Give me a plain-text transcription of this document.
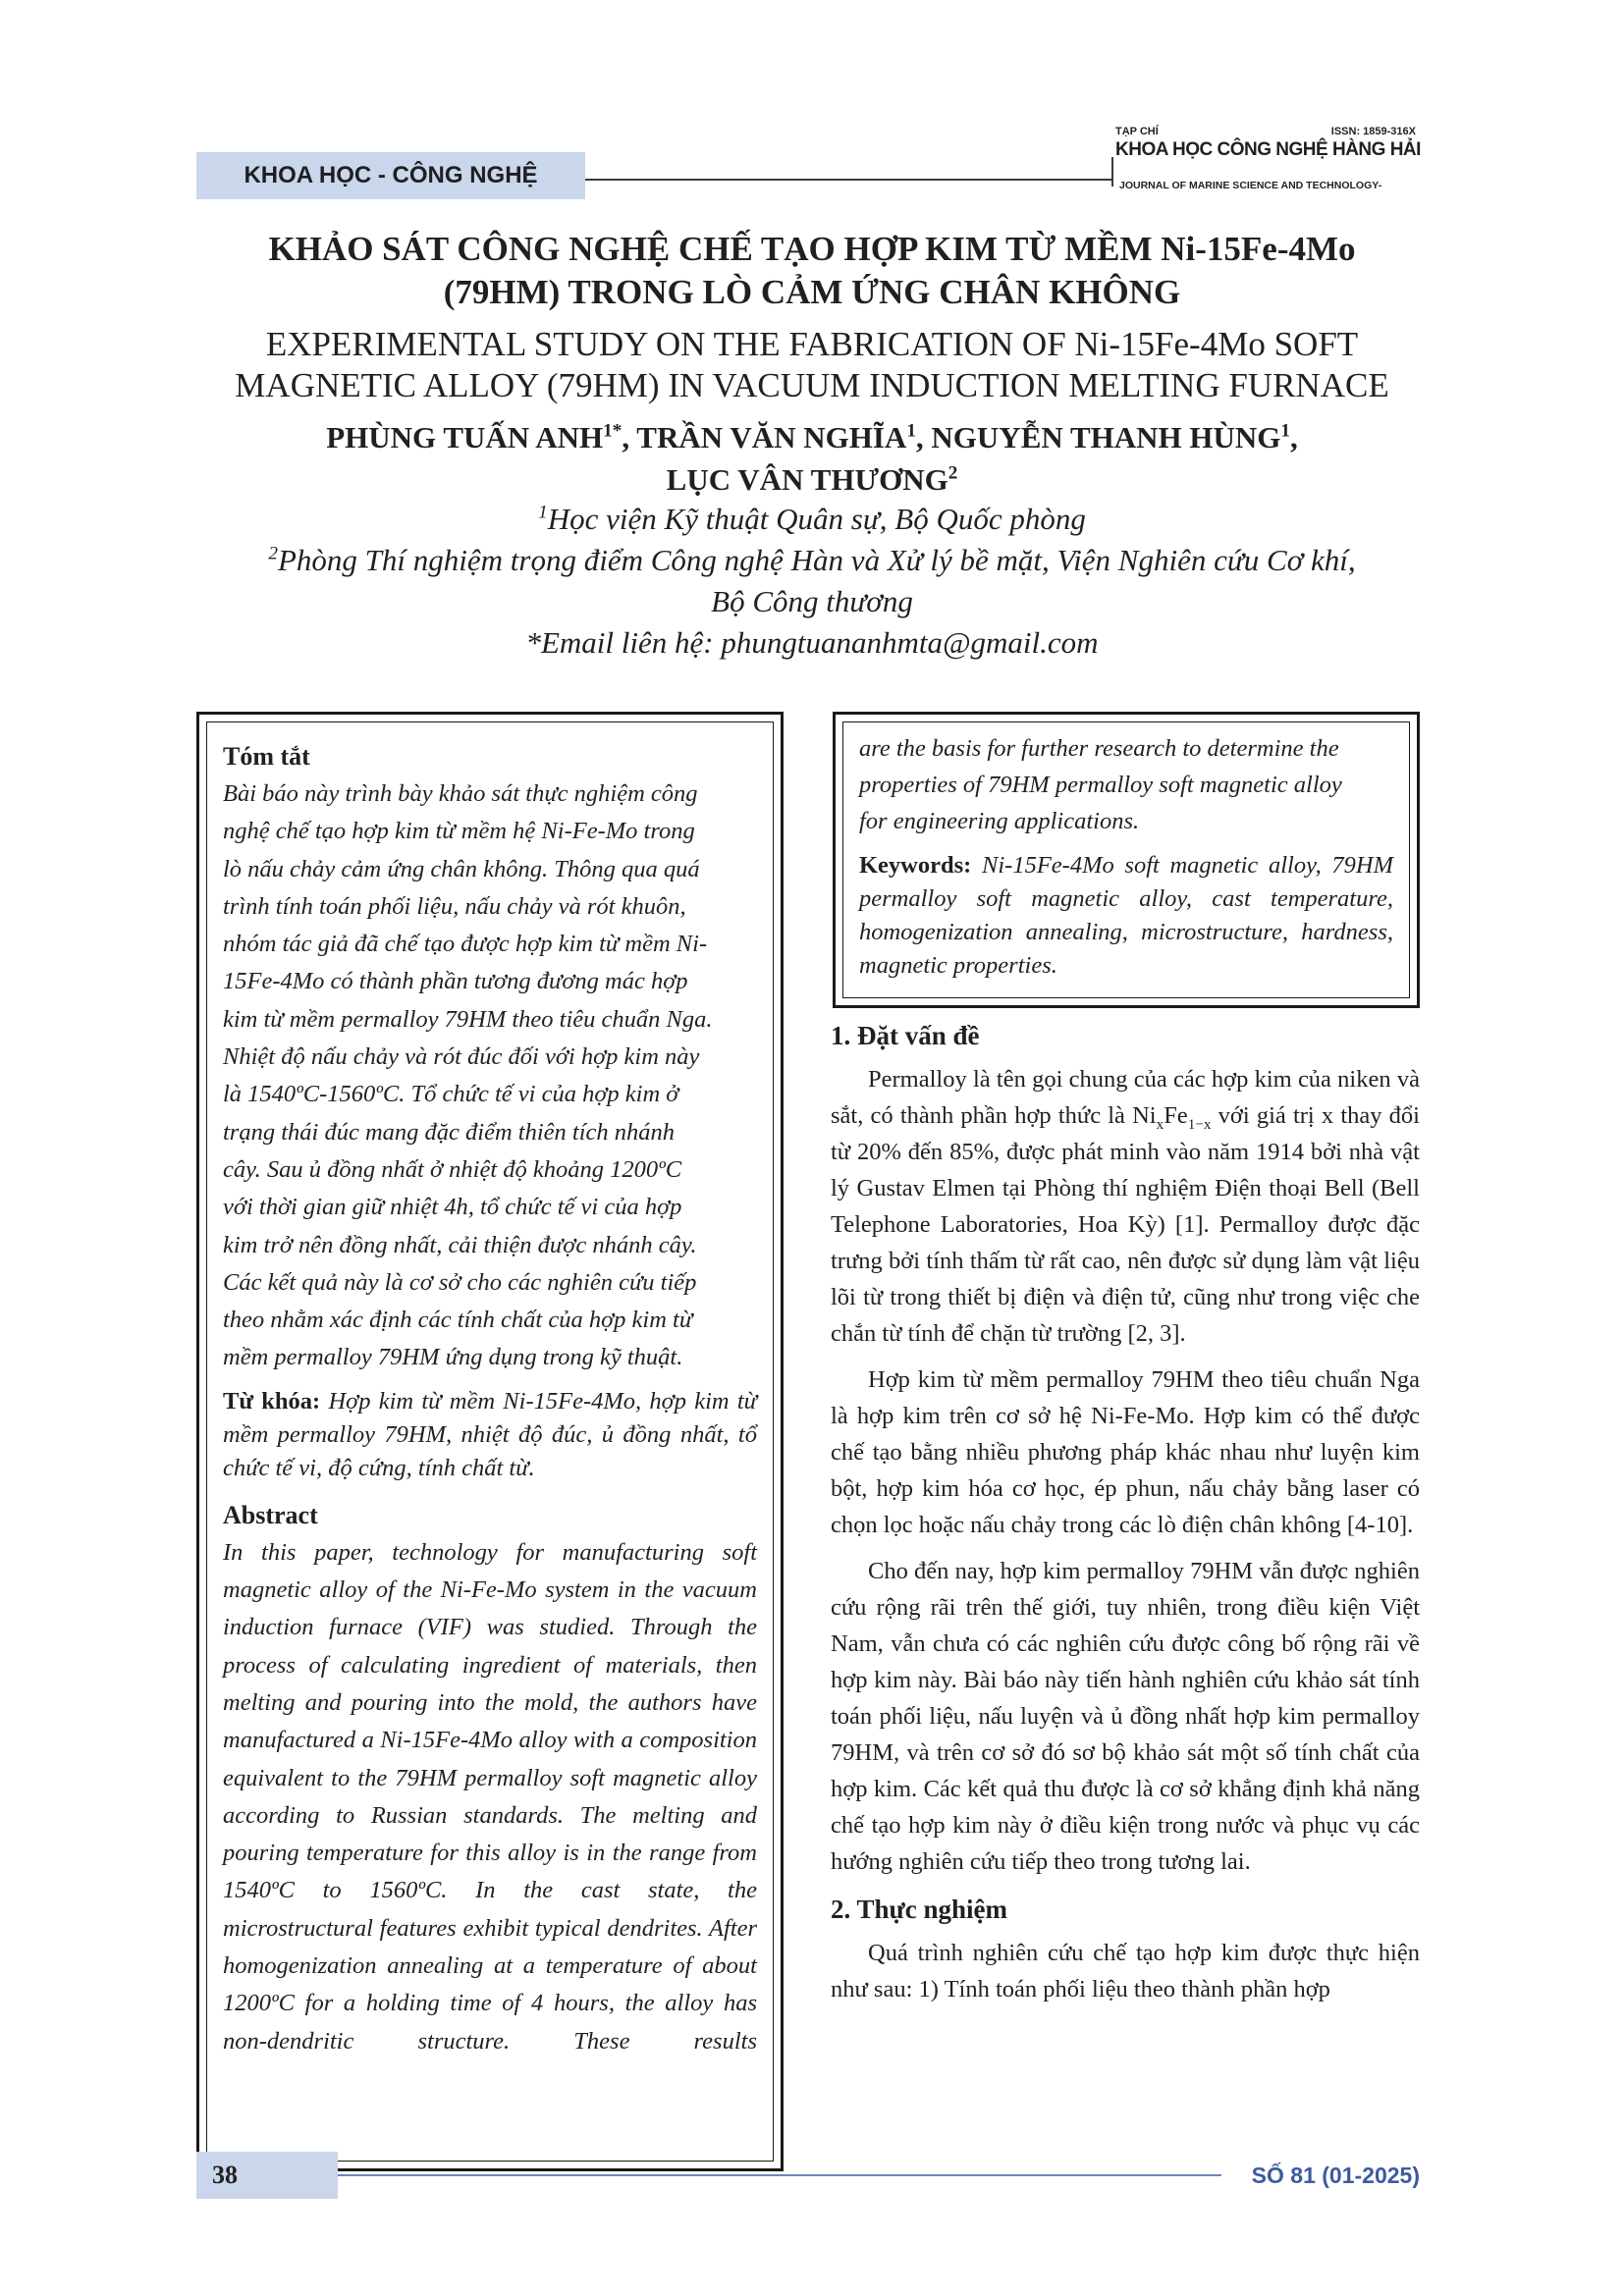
KHOA HỌC - CÔNG NGHỆ
TẠP CHÍ	ISSN: 1859-316X
KHOA HỌC CÔNG NGHỆ HÀNG HẢI
JOURNAL OF MARINE SCIENCE AND TECHNOLOGY-
KHẢO SÁT CÔNG NGHỆ CHẾ TẠO HỢP KIM TỪ MỀM Ni-15Fe-4Mo
(79HM) TRONG LÒ CẢM ỨNG CHÂN KHÔNG
EXPERIMENTAL STUDY ON THE FABRICATION OF Ni-15Fe-4Mo SOFT
MAGNETIC ALLOY (79HM) IN VACUUM INDUCTION MELTING FURNACE
PHÙNG TUẤN $ANH^{1*}$, TRẦN VĂN NGHĨA$^1$, NGUYỄN THANH HÙNG$^1$,
LỤC VÂN THƯƠNG$^2$
$^1$Học viện Kỹ thuật Quân sự, Bộ Quốc phòng
$^2$Phòng Thí nghiệm trọng điểm Công nghệ Hàn và Xử lý bề mặt, Viện Nghiên cứu Cơ khí,
Bộ Công thương
*Email liên hệ: phungtuananhmta@gmail.com
Tóm tắt
Bài báo này trình bày khảo sát thực nghiệm công
nghệ chế tạo hợp kim từ mềm hệ Ni-Fe-Mo trong
lò nấu chảy cảm ứng chân không. Thông qua quá
trình tính toán phối liệu, nấu chảy và rót khuôn,
nhóm tác giả đã chế tạo được hợp kim từ mềm Ni-
15Fe-4Mo có thành phần tương đương mác hợp
kim từ mềm permalloy 79HM theo tiêu chuẩn Nga.
Nhiệt độ nấu chảy và rót đúc đối với hợp kim này
là 1540ºC-1560ºC. Tổ chức tế vi của hợp kim ở
trạng thái đúc mang đặc điểm thiên tích nhánh
cây. Sau ủ đồng nhất ở nhiệt độ khoảng 1200ºC
với thời gian giữ nhiệt 4h, tổ chức tế vi của hợp
kim trở nên đồng nhất, cải thiện được nhánh cây.
Các kết quả này là cơ sở cho các nghiên cứu tiếp
theo nhằm xác định các tính chất của hợp kim từ
mềm permalloy 79HM ứng dụng trong kỹ thuật.

Từ khóa: Hợp kim từ mềm Ni-15Fe-4Mo, hợp kim từ mềm permalloy 79HM, nhiệt độ đúc, ủ đồng nhất, tổ chức tế vi, độ cứng, tính chất từ.

Abstract

In this paper, technology for manufacturing soft magnetic alloy of the Ni-Fe-Mo system in the vacuum induction furnace (VIF) was studied. Through the process of calculating ingredient of materials, then melting and pouring into the mold, the authors have manufactured a Ni-15Fe-4Mo alloy with a composition equivalent to the 79HM permalloy soft magnetic alloy according to Russian standards. The melting and pouring temperature for this alloy is in the range from 1540ºC to 1560ºC. In the cast state, the microstructural features exhibit typical dendrites. After homogenization annealing at a temperature of about 1200ºC for a holding time of 4 hours, the alloy has non-dendritic structure. These results

are the basis for further research to determine the
properties of 79HM permalloy soft magnetic alloy
for engineering applications.

Keywords: Ni-15Fe-4Mo soft magnetic alloy, 79HM permalloy soft magnetic alloy, cast temperature, homogenization annealing, microstructure, hardness, magnetic properties.

1. Đặt vấn đề

Permalloy là tên gọi chung của các hợp kim của niken và sắt, có thành phần hợp thức là $Ni_xFe_{1-x}$ với giá trị x thay đổi từ 20% đến 85%, được phát minh vào năm 1914 bởi nhà vật lý Gustav Elmen tại Phòng thí nghiệm Điện thoại Bell (Bell Telephone Laboratories, Hoa Kỳ) [1]. Permalloy được đặc trưng bởi tính thấm từ rất cao, nên được sử dụng làm vật liệu lõi từ trong thiết bị điện và điện tử, cũng như trong việc che chắn từ tính để chặn từ trường [2, 3].

Hợp kim từ mềm permalloy 79HM theo tiêu chuẩn Nga là hợp kim trên cơ sở hệ Ni-Fe-Mo. Hợp kim có thể được chế tạo bằng nhiều phương pháp khác nhau như luyện kim bột, hợp kim hóa cơ học, ép phun, nấu chảy bằng laser có chọn lọc hoặc nấu chảy trong các lò điện chân không [4-10].

Cho đến nay, hợp kim permalloy 79HM vẫn được nghiên cứu rộng rãi trên thế giới, tuy nhiên, trong điều kiện Việt Nam, vẫn chưa có các nghiên cứu được công bố rộng rãi về hợp kim này. Bài báo này tiến hành nghiên cứu khảo sát tính toán phối liệu, nấu luyện và ủ đồng nhất hợp kim permalloy 79HM, và trên cơ sở đó sơ bộ khảo sát một số tính chất của hợp kim. Các kết quả thu được là cơ sở khẳng định khả năng chế tạo hợp kim này ở điều kiện trong nước và phục vụ các hướng nghiên cứu tiếp theo trong tương lai.

2. Thực nghiệm

Quá trình nghiên cứu chế tạo hợp kim được thực hiện như sau: 1) Tính toán phối liệu theo thành phần hợp

38	SỐ 81 (01-2025)
